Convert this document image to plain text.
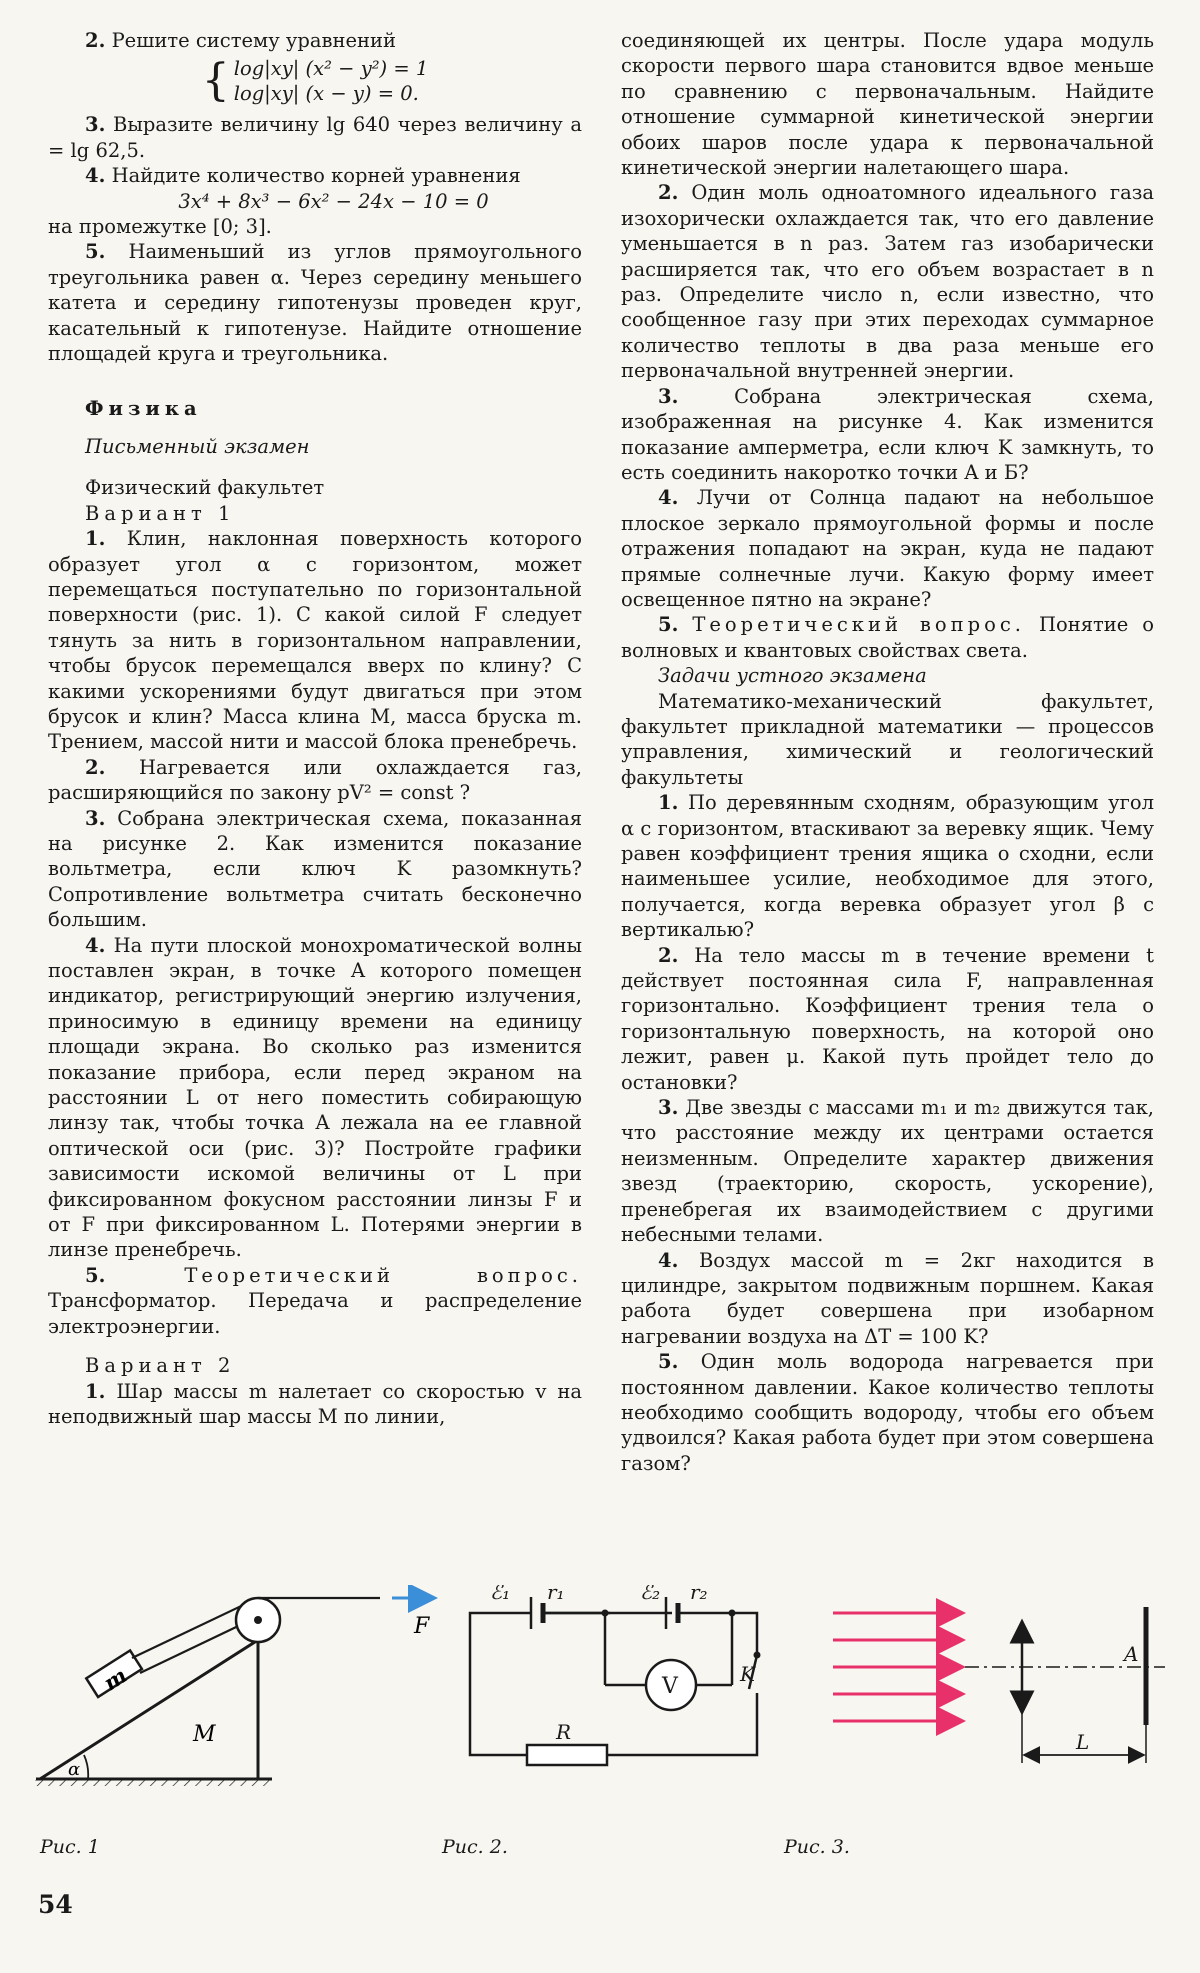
2. Решите систему уравнений

{ log|xy| (x² − y²) = 1
log|xy| (x − y) = 0.

3. Выразите величину lg 640 через величину a = lg 62,5.

4. Найдите количество корней уравнения

3x⁴ + 8x³ − 6x² − 24x − 10 = 0

на промежутке [0; 3].

5. Наименьший из углов прямоугольного треугольника равен α. Через середину меньшего катета и середину гипотенузы проведен круг, касательный к гипотенузе. Найдите отношение площадей круга и треугольника.

Физика
Письменный экзамен
Физический факультет
Вариант 1

1. Клин, наклонная поверхность которого образует угол α с горизонтом, может перемещаться поступательно по горизонтальной поверхности (рис. 1). С какой силой F следует тянуть за нить в горизонтальном направлении, чтобы брусок перемещался вверх по клину? С какими ускорениями будут двигаться при этом брусок и клин? Масса клина M, масса бруска m. Трением, массой нити и массой блока пренебречь.

2. Нагревается или охлаждается газ, расширяющийся по закону pV² = const ?

3. Собрана электрическая схема, показанная на рисунке 2. Как изменится показание вольтметра, если ключ K разомкнуть? Сопротивление вольтметра считать бесконечно большим.

4. На пути плоской монохроматической волны поставлен экран, в точке A которого помещен индикатор, регистрирующий энергию излучения, приносимую в единицу времени на единицу площади экрана. Во сколько раз изменится показание прибора, если перед экраном на расстоянии L от него поместить собирающую линзу так, чтобы точка A лежала на ее главной оптической оси (рис. 3)? Постройте графики зависимости искомой величины от L при фиксированном фокусном расстоянии линзы F и от F при фиксированном L. Потерями энергии в линзе пренебречь.

5.	Теоретический вопрос. Трансформатор. Передача и распределение электроэнергии.

Вариант 2

1. Шар массы m налетает со скоростью v на неподвижный шар массы M по линии,

соединяющей их центры. После удара модуль скорости первого шара становится вдвое меньше по сравнению с первоначальным. Найдите отношение суммарной кинетической энергии обоих шаров после удара к первоначальной кинетической энергии налетающего шара.

2. Один моль одноатомного идеального газа изохорически охлаждается так, что его давление уменьшается в n раз. Затем газ изобарически расширяется так, что его объем возрастает в n раз. Определите число n, если известно, что сообщенное газу при этих переходах суммарное количество теплоты в два раза меньше его первоначальной внутренней энергии.

3.	Собрана электрическая схема, изображенная на рисунке 4. Как изменится показание амперметра, если ключ K замкнуть, то есть соединить накоротко точки A и Б?

4. Лучи от Солнца падают на небольшое плоское зеркало прямоугольной формы и после отражения попадают на экран, куда не падают прямые солнечные лучи. Какую форму имеет освещенное пятно на экране?

5. Теоретический вопрос. Понятие о волновых и квантовых свойствах света.

Задачи устного экзамена

Математико-механический факультет, факультет прикладной математики — процессов управления, химический и геологический факультеты

1. По деревянным сходням, образующим угол α с горизонтом, втаскивают за веревку ящик. Чему равен коэффициент трения ящика о сходни, если наименьшее усилие, необходимое для этого, получается, когда веревка образует угол β с вертикалью?

2. На тело массы m в течение времени t действует постоянная сила F, направленная горизонтально. Коэффициент трения тела о горизонтальную поверхность, на которой оно лежит, равен μ. Какой путь пройдет тело до остановки?

3. Две звезды с массами m₁ и m₂ движутся так, что расстояние между их центрами остается неизменным. Определите характер движения звезд (траекторию, скорость, ускорение), пренебрегая их взаимодействием с другими небесными телами.

4. Воздух массой m = 2кг находится в цилиндре, закрытом подвижным поршнем. Какая работа будет совершена при изобарном нагревании воздуха на ΔT = 100 K?

5. Один моль водорода нагревается при постоянном давлении. Какое количество теплоты необходимо сообщить водороду, чтобы его объем удвоился? Какая работа будет при этом совершена газом?

m
M
α
F
ℰ₁ r₁	ℰ₂ r₂
V	K
R
A
L
Рис. 1	Рис. 2.	Рис. 3.
54
